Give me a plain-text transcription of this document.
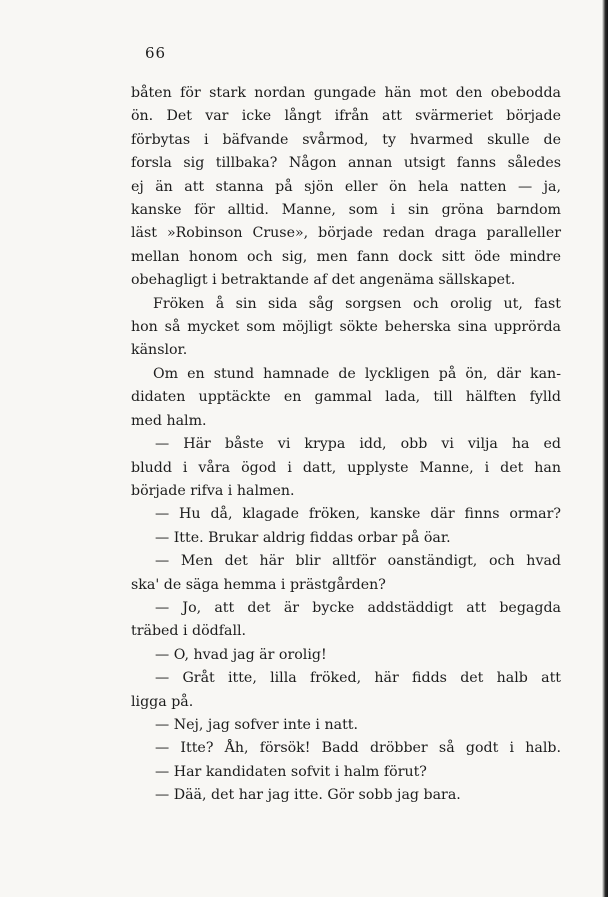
66
båten för stark nordan gungade hän mot den obebodda
ön. Det var icke långt ifrån att svärmeriet började
förbytas i bäfvande svårmod, ty hvarmed skulle de
forsla sig tillbaka? Någon annan utsigt fanns således
ej än att stanna på sjön eller ön hela natten — ja,
kanske för alltid. Manne, som i sin gröna barndom
läst »Robinson Cruse», började redan draga paralleller
mellan honom och sig, men fann dock sitt öde mindre
obehagligt i betraktande af det angenäma sällskapet.
Fröken å sin sida såg sorgsen och orolig ut, fast
hon så mycket som möjligt sökte beherska sina upprörda
känslor.
Om en stund hamnade de lyckligen på ön, där kan-
didaten upptäckte en gammal lada, till hälften fylld
med halm.
— Här båste vi krypa idd, obb vi vilja ha ed
bludd i våra ögod i datt, upplyste Manne, i det han
började rifva i halmen.
— Hu då, klagade fröken, kanske där finns ormar?
— Itte. Brukar aldrig fiddas orbar på öar.
— Men det här blir alltför oanständigt, och hvad
ska' de säga hemma i prästgården?
— Jo, att det är bycke addstäddigt att begagda
träbed i dödfall.
— O, hvad jag är orolig!
— Gråt itte, lilla fröked, här fidds det halb att
ligga på.
— Nej, jag sofver inte i natt.
— Itte? Åh, försök! Badd dröbber så godt i halb.
— Har kandidaten sofvit i halm förut?
— Dää, det har jag itte. Gör sobb jag bara.
